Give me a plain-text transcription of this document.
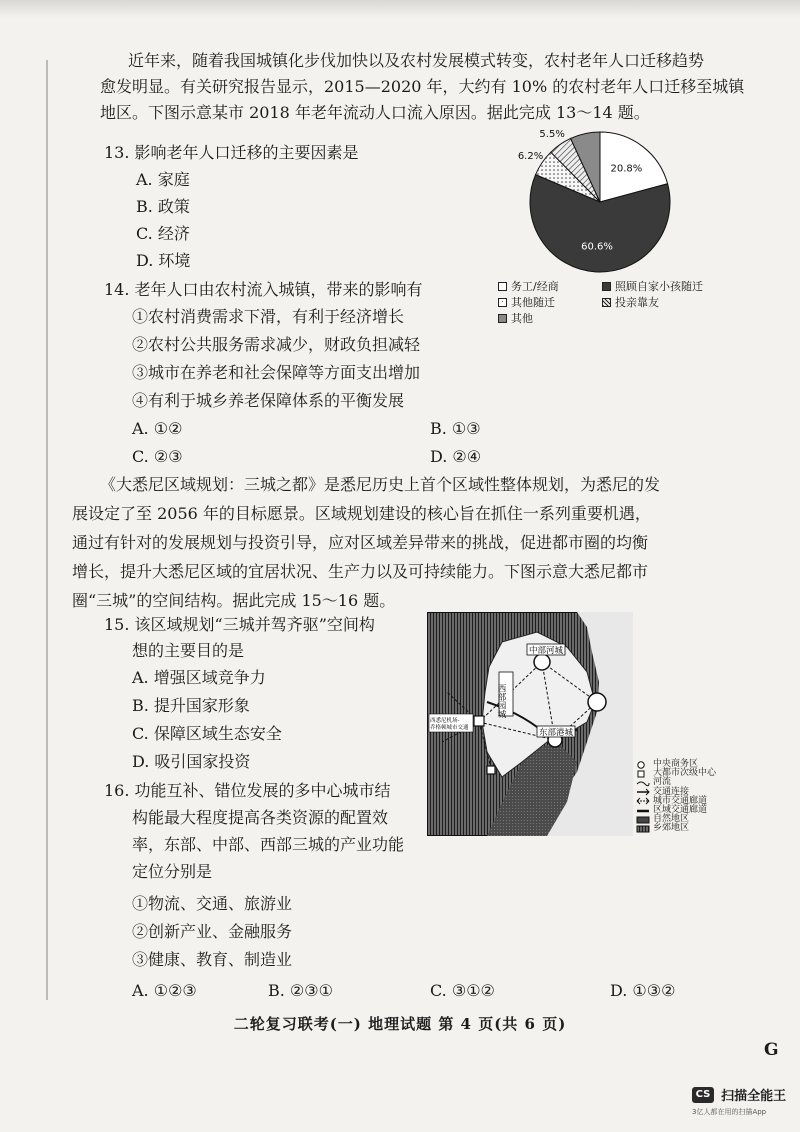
近年来，随着我国城镇化步伐加快以及农村发展模式转变，农村老年人口迁移趋势

愈发明显。有关研究报告显示，2015—2020 年，大约有 10% 的农村老年人口迁移至城镇

地区。下图示意某市 2018 年老年流动人口流入原因。据此完成 13～14 题。

13. 影响老年人口迁移的主要因素是
A. 家庭
B. 政策
C. 经济
D. 环境
20.8%
60.6%
6.2%
5.5%
务工/经商	照顾自家小孩随迁
· 其他随迁	投亲靠友
其他
14. 老年人口由农村流入城镇，带来的影响有
①农村消费需求下滑，有利于经济增长
②农村公共服务需求减少，财政负担减轻
③城市在养老和社会保障等方面支出增加
④有利于城乡养老保障体系的平衡发展
A. ①②	B. ①③
C. ②③	D. ②④

《大悉尼区域规划：三城之都》是悉尼历史上首个区域性整体规划，为悉尼的发

展设定了至 2056 年的目标愿景。区域规划建设的核心旨在抓住一系列重要机遇，

通过有针对的发展规划与投资引导，应对区域差异带来的挑战，促进都市圈的均衡

增长，提升大悉尼区域的宜居状况、生产力以及可持续能力。下图示意大悉尼都市

圈“三城”的空间结构。据此完成 15～16 题。

15. 该区域规划“三城并驾齐驱”空间构
想的主要目的是
A. 增强区域竞争力
B. 提升国家形象
C. 保障区域生态安全
D. 吸引国家投资
中部河城
西部园城
东部港城
西悉尼机场-
乔格顿城市交通
中央商务区
大都市次级中心
河流
交通连接
城市交通廊道
区域交通廊道
自然地区
乡郊地区
16. 功能互补、错位发展的多中心城市结
构能最大程度提高各类资源的配置效
率，东部、中部、西部三城的产业功能
定位分别是
①物流、交通、旅游业
②创新产业、金融服务
③健康、教育、制造业
A. ①②③	B. ②③①	C. ③①②	D. ①③②
二轮复习联考(一) 地理试题 第 4 页(共 6 页)
G
CS 扫描全能王
3亿人都在用的扫描App
